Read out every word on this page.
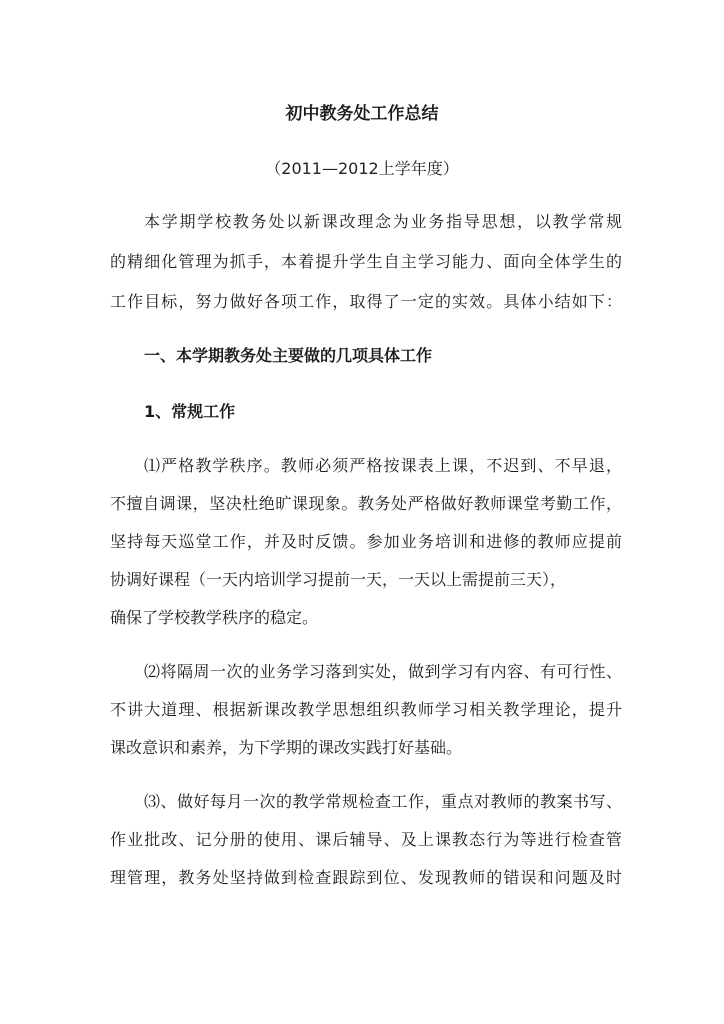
初中教务处工作总结
（2011—2012上学年度）
本学期学校教务处以新课改理念为业务指导思想，以教学常规
的精细化管理为抓手，本着提升学生自主学习能力、面向全体学生的
工作目标，努力做好各项工作，取得了一定的实效。具体小结如下：
一、本学期教务处主要做的几项具体工作
1、常规工作
⑴严格教学秩序。教师必须严格按课表上课，不迟到、不早退，
不擅自调课，坚决杜绝旷课现象。教务处严格做好教师课堂考勤工作，
坚持每天巡堂工作，并及时反馈。参加业务培训和进修的教师应提前
协调好课程（一天内培训学习提前一天，一天以上需提前三天），
确保了学校教学秩序的稳定。
⑵将隔周一次的业务学习落到实处，做到学习有内容、有可行性、
不讲大道理、根据新课改教学思想组织教师学习相关教学理论，提升
课改意识和素养，为下学期的课改实践打好基础。
⑶、做好每月一次的教学常规检查工作，重点对教师的教案书写、
作业批改、记分册的使用、课后辅导、及上课教态行为等进行检查管
理管理，教务处坚持做到检查跟踪到位、发现教师的错误和问题及时
